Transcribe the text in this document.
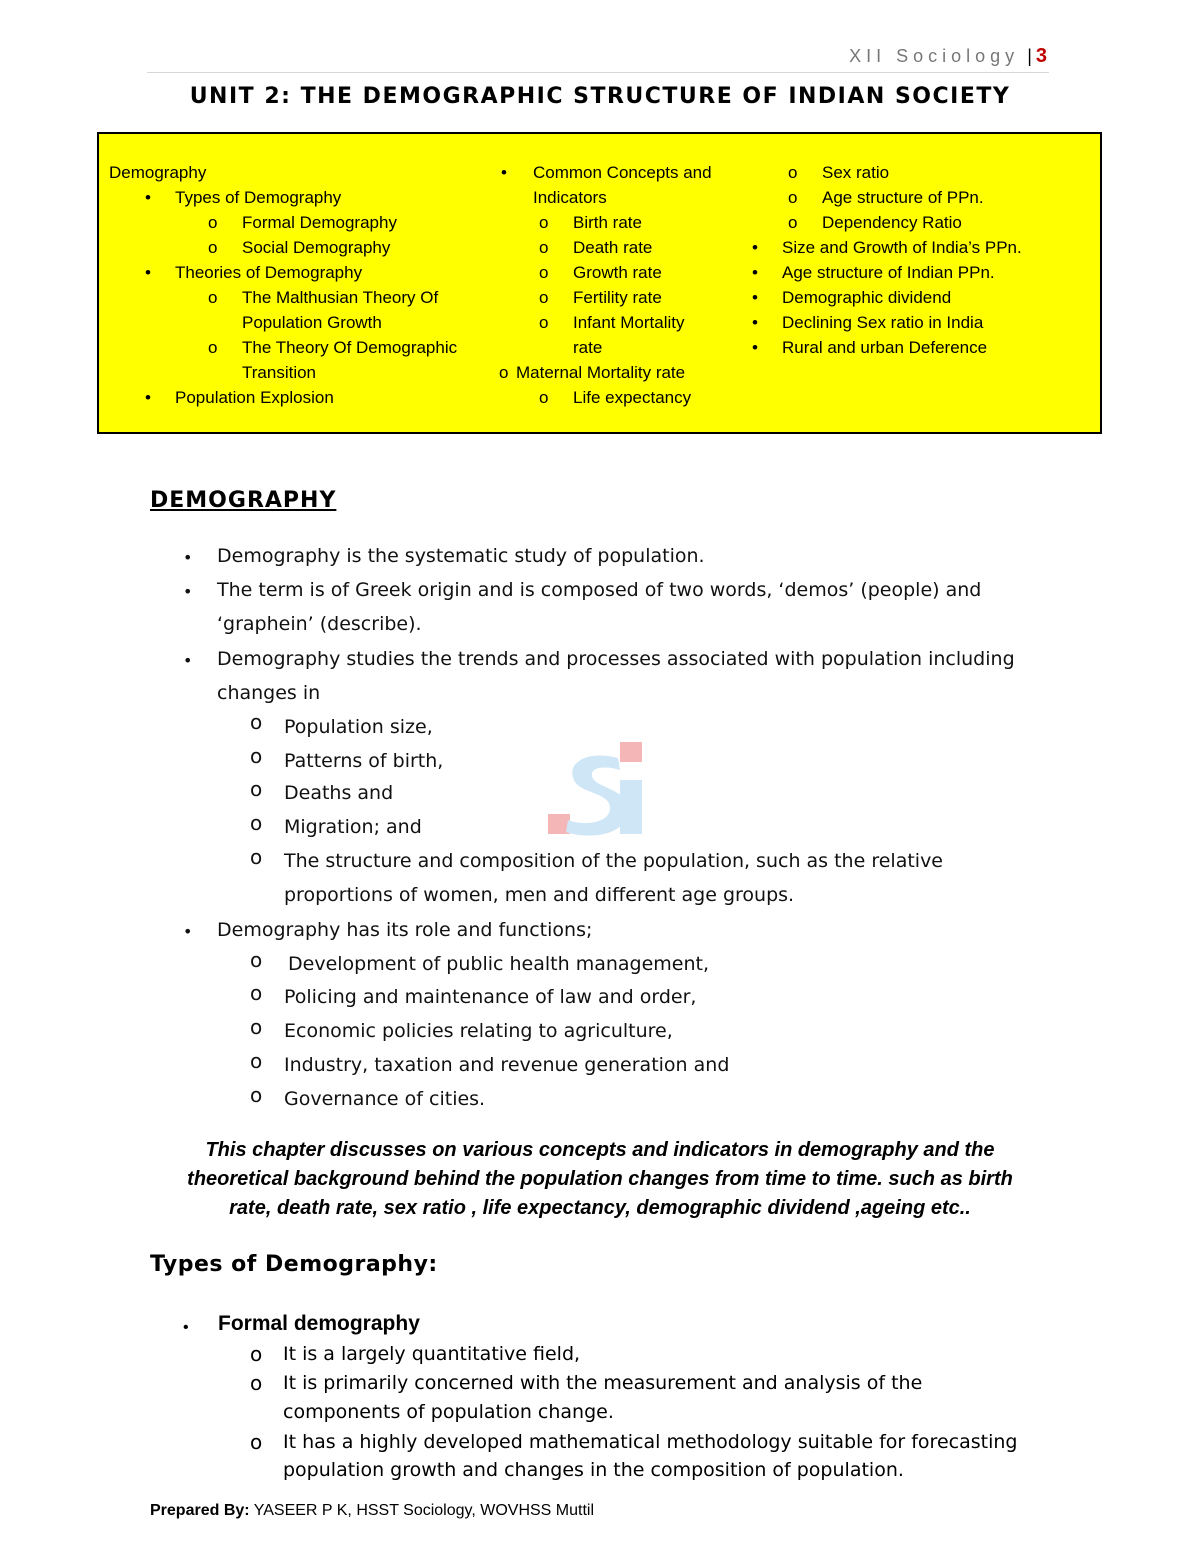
XII Sociology | 3
UNIT 2: THE DEMOGRAPHIC STRUCTURE OF INDIAN SOCIETY

Demography

• Types of Demography

o Formal Demography

o Social Demography

• Theories of Demography

o The Malthusian Theory Of

Population Growth

o The Theory Of Demographic

Transition

• Population Explosion

• Common Concepts and

Indicators

o Birth rate

o Death rate

o Growth rate

o Fertility rate

o Infant Mortality

rate

o Maternal Mortality rate

o Life expectancy

o Sex ratio

o Age structure of PPn.

o Dependency Ratio

• Size and Growth of India’s PPn.

• Age structure of Indian PPn.

• Demographic dividend

• Declining Sex ratio in India

• Rural and urban Deference

DEMOGRAPHY
• Demography is the systematic study of population.
• The term is of Greek origin and is composed of two words, ‘demos’ (people) and
‘graphein’ (describe).
• Demography studies the trends and processes associated with population including
changes in
o Population size,
o Patterns of birth,
o Deaths and
o Migration; and
o The structure and composition of the population, such as the relative
proportions of women, men and different age groups.
• Demography has its role and functions;
o Development of public health management,
o Policing and maintenance of law and order,
o Economic policies relating to agriculture,
o Industry, taxation and revenue generation and
o Governance of cities.
This chapter discusses on various concepts and indicators in demography and the
theoretical background behind the population changes from time to time. such as birth
rate, death rate, sex ratio , life expectancy, demographic dividend ,ageing etc..
Types of Demography:
• Formal demography
o It is a largely quantitative field,
o It is primarily concerned with the measurement and analysis of the
components of population change.
o It has a highly developed mathematical methodology suitable for forecasting
population growth and changes in the composition of population.
Prepared By: YASEER P K, HSST Sociology, WOVHSS Muttil
